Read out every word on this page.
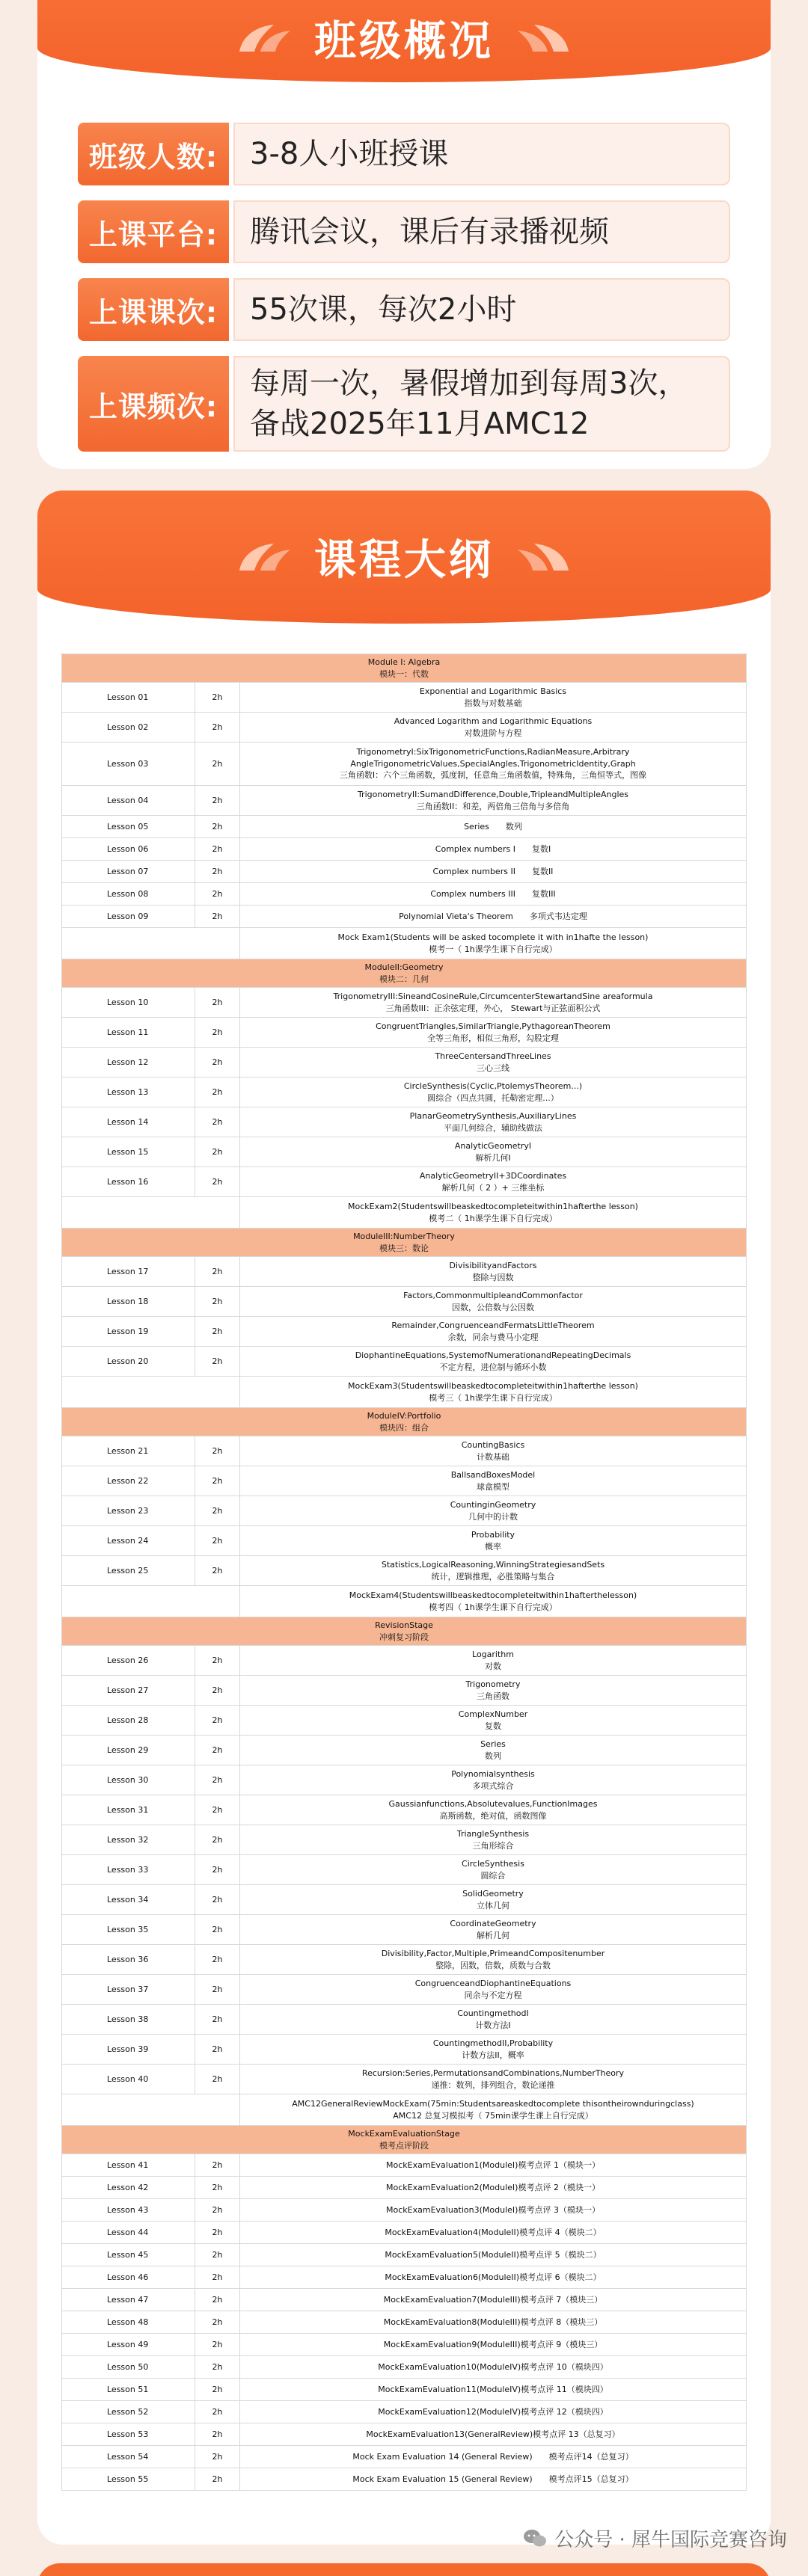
班级概况
班级人数:	3-8人小班授课
上课平台:	腾讯会议，课后有录播视频
上课课次:	55次课，每次2小时
上课频次:
每周一次，暑假增加到每周3次，
备战2025年11月AMC12
课程大纲
Module I: Algebra
模块一：代数		

Lesson 01	2h	Exponential and Logarithmic Basics
指数与对数基础

Lesson 02	2h	Advanced Logarithm and Logarithmic Equations
对数进阶与方程

Lesson 03	2h	TrigonometryI:SixTrigonometricFunctions,RadianMeasure,Arbitrary AngleTrigonometricValues,SpecialAngles,TrigonometricIdentity,Graph
三角函数I：六个三角函数，弧度制，任意角三角函数值，特殊角，三角恒等式，图像

Lesson 04	2h	TrigonometryII:SumandDifference,Double,TripleandMultipleAngles
三角函数II：和差，两倍角三倍角与多倍角

Lesson 05	2h	Series　　数列

Lesson 06	2h	Complex numbers I　　复数I

Lesson 07	2h	Complex numbers II　　复数II

Lesson 08	2h	Complex numbers III　　复数III

Lesson 09	2h	Polynomial Vieta's Theorem　　多项式韦达定理

		Mock Exam1(Students will be asked tocomplete it with in1hafte the lesson)
模考一（ 1h课学生课下自行完成）

ModuleII:Geometry
模块二：几何		

Lesson 10	2h	TrigonometryIII:SineandCosineRule,CircumcenterStewartandSine areaformula
三角函数III：正余弦定理，外心， Stewart与正弦面积公式

Lesson 11	2h	CongruentTriangles,SimilarTriangle,PythagoreanTheorem
全等三角形，相似三角形，勾股定理

Lesson 12	2h	ThreeCentersandThreeLines
三心三线

Lesson 13	2h	CircleSynthesis(Cyclic,PtolemysTheorem...)
圆综合（四点共圆，托勒密定理...）

Lesson 14	2h	PlanarGeometrySynthesis,AuxiliaryLines
平面几何综合，辅助线做法

Lesson 15	2h	AnalyticGeometryI
解析几何I

Lesson 16	2h	AnalyticGeometryII+3DCoordinates
解析几何（ 2 ）+ 三维坐标

		MockExam2(Studentswillbeaskedtocompleteitwithin1hafterthe lesson)
模考二（ 1h课学生课下自行完成）

ModuleIII:NumberTheory
模块三：数论		

Lesson 17	2h	DivisibilityandFactors
整除与因数

Lesson 18	2h	Factors,CommonmultipleandCommonfactor
因数，公倍数与公因数

Lesson 19	2h	Remainder,CongruenceandFermatsLittleTheorem
余数，同余与费马小定理

Lesson 20	2h	DiophantineEquations,SystemofNumerationandRepeatingDecimals
不定方程，进位制与循环小数

		MockExam3(Studentswillbeaskedtocompleteitwithin1hafterthe lesson)
模考三（ 1h课学生课下自行完成）

ModuleIV:Portfolio
模块四：组合		

Lesson 21	2h	CountingBasics
计数基础

Lesson 22	2h	BallsandBoxesModel
球盒模型

Lesson 23	2h	CountinginGeometry
几何中的计数

Lesson 24	2h	Probability
概率

Lesson 25	2h	Statistics,LogicalReasoning,WinningStrategiesandSets
统计，逻辑推理，必胜策略与集合

		MockExam4(Studentswillbeaskedtocompleteitwithin1hafterthelesson)
模考四（ 1h课学生课下自行完成）

RevisionStage
冲刺复习阶段		

Lesson 26	2h	Logarithm
对数

Lesson 27	2h	Trigonometry
三角函数

Lesson 28	2h	ComplexNumber
复数

Lesson 29	2h	Series
数列

Lesson 30	2h	Polynomialsynthesis
多项式综合

Lesson 31	2h	Gaussianfunctions,Absolutevalues,FunctionImages
高斯函数，绝对值，函数图像

Lesson 32	2h	TriangleSynthesis
三角形综合

Lesson 33	2h	CircleSynthesis
圆综合

Lesson 34	2h	SolidGeometry
立体几何

Lesson 35	2h	CoordinateGeometry
解析几何

Lesson 36	2h	Divisibility,Factor,Multiple,PrimeandCompositenumber
整除，因数，倍数，质数与合数

Lesson 37	2h	CongruenceandDiophantineEquations
同余与不定方程

Lesson 38	2h	CountingmethodI
计数方法I

Lesson 39	2h	CountingmethodII,Probability
计数方法II，概率

Lesson 40	2h	Recursion:Series,PermutationsandCombinations,NumberTheory
递推：数列，排列组合，数论递推

		AMC12GeneralReviewMockExam(75min:Studentsareaskedtocomplete thisontheirownduringclass)
AMC12 总复习模拟考（ 75min课学生课上自行完成）

MockExamEvaluationStage
模考点评阶段		

Lesson 41	2h	MockExamEvaluation1(ModuleI)模考点评 1（模块一）

Lesson 42	2h	MockExamEvaluation2(ModuleI)模考点评 2（模块一）

Lesson 43	2h	MockExamEvaluation3(ModuleI)模考点评 3（模块一）

Lesson 44	2h	MockExamEvaluation4(ModuleII)模考点评 4（模块二）

Lesson 45	2h	MockExamEvaluation5(ModuleII)模考点评 5（模块二）

Lesson 46	2h	MockExamEvaluation6(ModuleII)模考点评 6（模块二）

Lesson 47	2h	MockExamEvaluation7(ModuleIII)模考点评 7（模块三）

Lesson 48	2h	MockExamEvaluation8(ModuleIII)模考点评 8（模块三）

Lesson 49	2h	MockExamEvaluation9(ModuleIII)模考点评 9（模块三）

Lesson 50	2h	MockExamEvaluation10(ModuleIV)模考点评 10（模块四）

Lesson 51	2h	MockExamEvaluation11(ModuleIV)模考点评 11（模块四）

Lesson 52	2h	MockExamEvaluation12(ModuleIV)模考点评 12（模块四）

Lesson 53	2h	MockExamEvaluation13(GeneralReview)模考点评 13（总复习）

Lesson 54	2h	Mock Exam Evaluation 14 (General Review)　　模考点评14（总复习）

Lesson 55	2h	Mock Exam Evaluation 15 (General Review)　　模考点评15（总复习）
公众号 · 犀牛国际竞赛咨询
